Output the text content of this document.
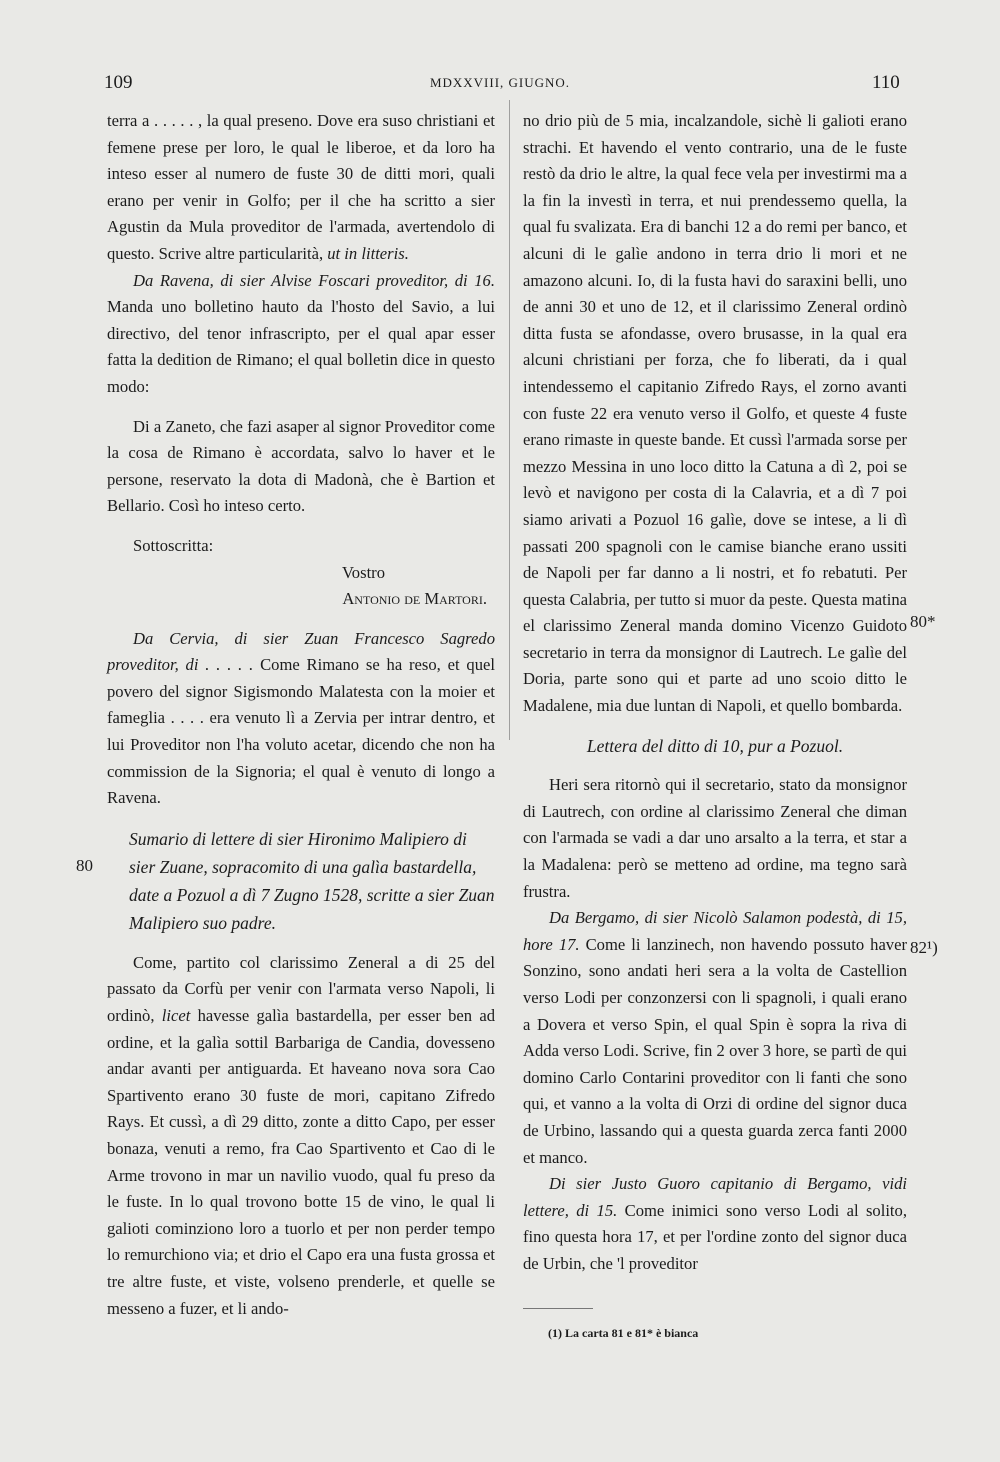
109	MDXXVIII, GIUGNO.	110

terra a . . . . . , la qual preseno. Dove era suso christiani et femene prese per loro, le qual le liberoe, et da loro ha inteso esser al numero de fuste 30 de ditti mori, quali erano per venir in Golfo; per il che ha scritto a sier Agustin da Mula proveditor de l'armada, avertendolo di questo. Scrive altre particularità, ut in litteris.

Da Ravena, di sier Alvise Foscari proveditor, di 16. Manda uno bolletino hauto da l'hosto del Savio, a lui directivo, del tenor infrascripto, per el qual apar esser fatta la dedition de Rimano; el qual bolletin dice in questo modo:

Di a Zaneto, che fazi asaper al signor Proveditor come la cosa de Rimano è accordata, salvo lo haver et le persone, reservato la dota di Madonà, che è Bartion et Bellario. Così ho inteso certo.

Sottoscritta:

Vostro

Antonio de Martori.

Da Cervia, di sier Zuan Francesco Sagredo proveditor, di . . . . . Come Rimano se ha reso, et quel povero del signor Sigismondo Malatesta con la moier et fameglia . . . . era venuto lì a Zervia per intrar dentro, et lui Proveditor non l'ha voluto acetar, dicendo che non ha commission de la Signoria; el qual è venuto di longo a Ravena.

Sumario di lettere di sier Hironimo Malipiero di sier Zuane, sopracomito di una galìa bastardella, date a Pozuol a dì 7 Zugno 1528, scritte a sier Zuan Malipiero suo padre.

Come, partito col clarissimo Zeneral a di 25 del passato da Corfù per venir con l'armata verso Napoli, li ordinò, licet havesse galìa bastardella, per esser ben ad ordine, et la galìa sottil Barbariga de Candia, dovesseno andar avanti per antiguarda. Et haveano nova sora Cao Spartivento erano 30 fuste de mori, capitano Zifredo Rays. Et cussì, a dì 29 ditto, zonte a ditto Capo, per esser bonaza, venuti a remo, fra Cao Spartivento et Cao di le Arme trovono in mar un navilio vuodo, qual fu preso da le fuste. In lo qual trovono botte 15 de vino, le qual li galioti cominziono loro a tuorlo et per non perder tempo lo remurchiono via; et drio el Capo era una fusta grossa et tre altre fuste, et viste, volseno prenderle, et quelle se messeno a fuzer, et li ando-

no drio più de 5 mia, incalzandole, sichè li galioti erano strachi. Et havendo el vento contrario, una de le fuste restò da drio le altre, la qual fece vela per investirmi ma a la fin la investì in terra, et nui prendessemo quella, la qual fu svalizata. Era di banchi 12 a do remi per banco, et alcuni di le galìe andono in terra drio li mori et ne amazono alcuni. Io, di la fusta havi do saraxini belli, uno de anni 30 et uno de 12, et il clarissimo Zeneral ordinò ditta fusta se afondasse, overo brusasse, in la qual era alcuni christiani per forza, che fo liberati, da i qual intendessemo el capitanio Zifredo Rays, el zorno avanti con fuste 22 era venuto verso il Golfo, et queste 4 fuste erano rimaste in queste bande. Et cussì l'armada sorse per mezzo Messina in uno loco ditto la Catuna a dì 2, poi se levò et navigono per costa di la Calavria, et a dì 7 poi siamo arivati a Pozuol 16 galìe, dove se intese, a li dì passati 200 spagnoli con le camise bianche erano ussiti de Napoli per far danno a li nostri, et fo rebatuti. Per questa Calabria, per tutto si muor da peste. Questa matina el clarissimo Zeneral manda domino Vicenzo Guidoto secretario in terra da monsignor di Lautrech. Le galìe del Doria, parte sono qui et parte ad uno scoio ditto le Madalene, mia due luntan di Napoli, et quello bombarda.

Lettera del ditto di 10, pur a Pozuol.

Heri sera ritornò qui il secretario, stato da monsignor di Lautrech, con ordine al clarissimo Zeneral che diman con l'armada se vadi a dar uno arsalto a la terra, et star a la Madalena: però se metteno ad ordine, ma tegno sarà frustra.

Da Bergamo, di sier Nicolò Salamon podestà, di 15, hore 17. Come li lanzinech, non havendo possuto haver Sonzino, sono andati heri sera a la volta de Castellion verso Lodi per conzonzersi con li spagnoli, i quali erano a Dovera et verso Spin, el qual Spin è sopra la riva di Adda verso Lodi. Scrive, fin 2 over 3 hore, se partì de qui domino Carlo Contarini proveditor con li fanti che sono qui, et vanno a la volta di Orzi di ordine del signor duca de Urbino, lassando qui a questa guarda zerca fanti 2000 et manco.

Di sier Justo Guoro capitanio di Bergamo, vidi lettere, di 15. Come inimici sono verso Lodi al solito, fino questa hora 17, et per l'ordine zonto del signor duca de Urbin, che 'l proveditor

80
80*
82¹)
(1) La carta 81 e 81* è bianca
